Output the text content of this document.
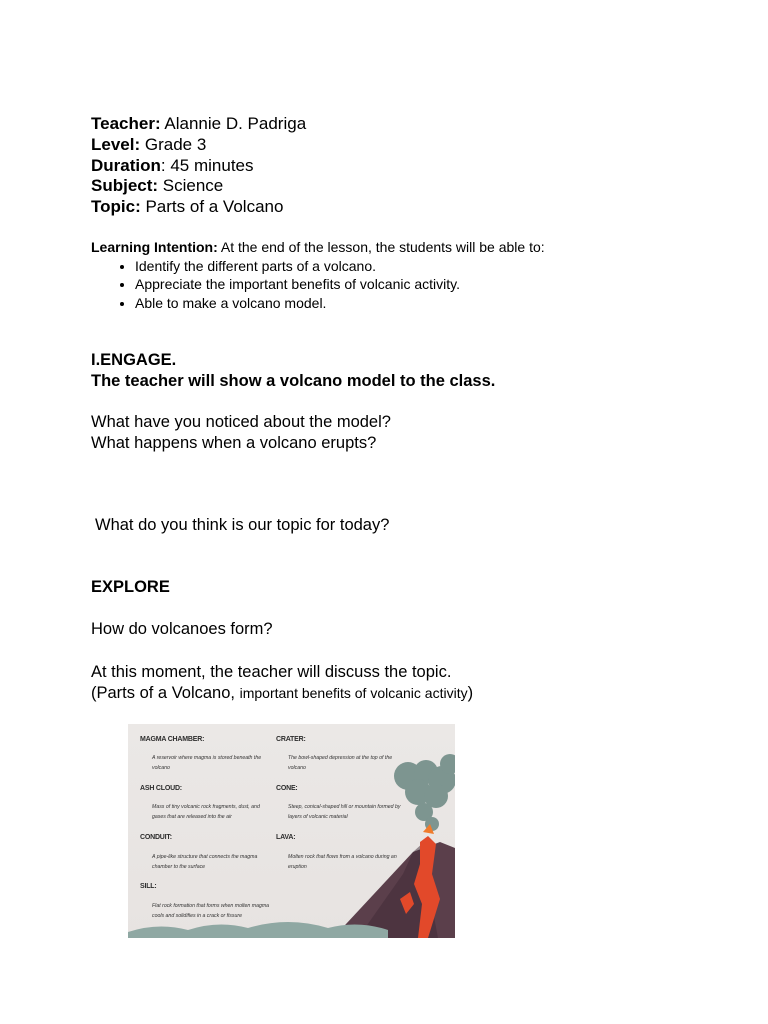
Teacher: Alannie D. Padriga
Level: Grade 3
Duration: 45 minutes
Subject: Science
Topic: Parts of a Volcano
Learning Intention: At the end of the lesson, the students will be able to:
• Identify the different parts of a volcano.
• Appreciate the important benefits of volcanic activity.
• Able to make a volcano model.
I.ENGAGE.
The teacher will show a volcano model to the class.
What have you noticed about the model?
What happens when a volcano erupts?
What do you think is our topic for today?
EXPLORE
How do volcanoes form?
At this moment, the teacher will discuss the topic.
(Parts of a Volcano, important benefits of volcanic activity)
MAGMA CHAMBER:
A reservoir where magma is stored beneath the volcano
ASH CLOUD:
Mass of tiny volcanic rock fragments, dust, and gases that are released into the air
CONDUIT:
A pipe-like structure that connects the magma chamber to the surface
SILL:
Flat rock formation that forms when molten magma cools and solidifies in a crack or fissure
CRATER:
The bowl-shaped depression at the top of the volcano
CONE:
Steep, conical-shaped hill or mountain formed by layers of volcanic material
LAVA:
Molten rock that flows from a volcano during an eruption
